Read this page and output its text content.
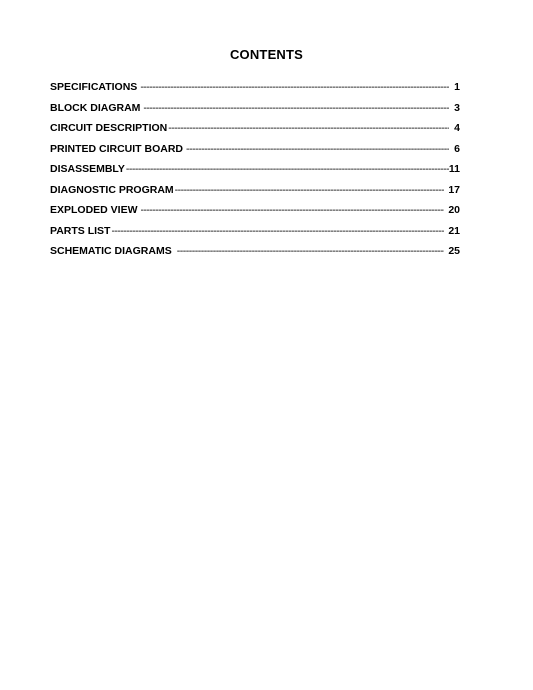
CONTENTS
SPECIFICATIONS -----	1
BLOCK DIAGRAM -----	3
CIRCUIT DESCRIPTION -----	4
PRINTED CIRCUIT BOARD -----	6
DISASSEMBLY -----	11
DIAGNOSTIC PROGRAM -----	17
EXPLODED VIEW -----	20
PARTS LIST -----	21
SCHEMATIC DIAGRAMS -----	25
